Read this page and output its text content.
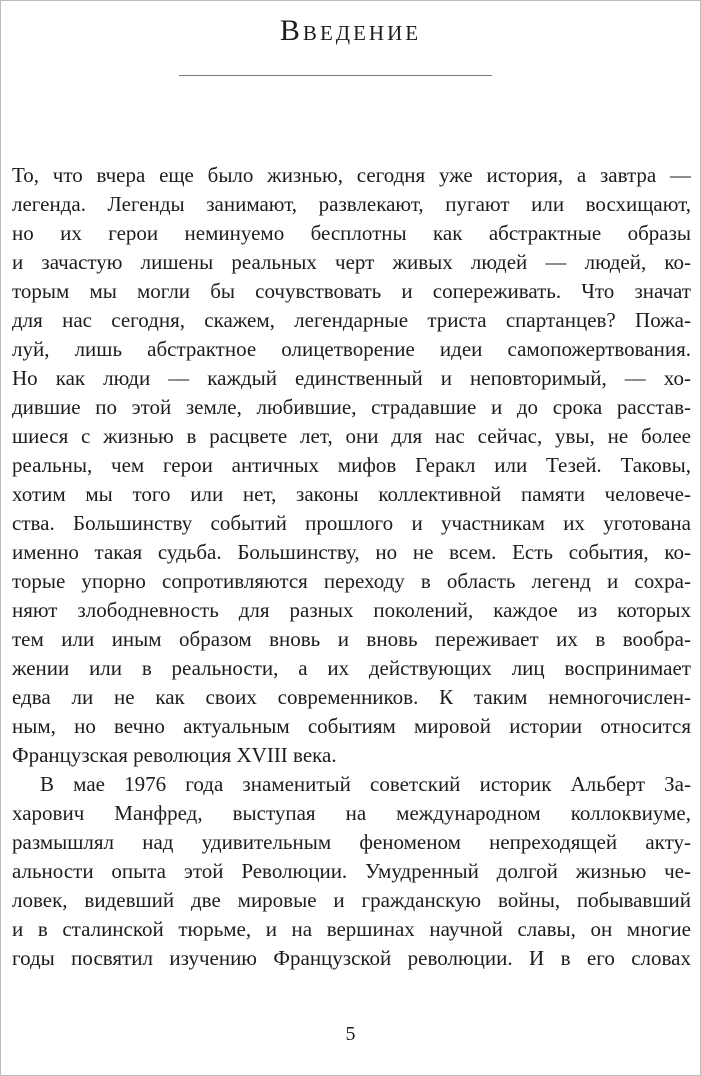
Введение
То, что вчера еще было жизнью, сегодня уже история, а завтра —
легенда. Легенды занимают, развлекают, пугают или восхищают,
но их герои неминуемо бесплотны как абстрактные образы
и зачастую лишены реальных черт живых людей — людей, ко-
торым мы могли бы сочувствовать и сопереживать. Что значат
для нас сегодня, скажем, легендарные триста спартанцев? Пожа-
луй, лишь абстрактное олицетворение идеи самопожертвования.
Но как люди — каждый единственный и неповторимый, — хо-
дившие по этой земле, любившие, страдавшие и до срока расстав-
шиеся с жизнью в расцвете лет, они для нас сейчас, увы, не более
реальны, чем герои античных мифов Геракл или Тезей. Таковы,
хотим мы того или нет, законы коллективной памяти человече-
ства. Большинству событий прошлого и участникам их уготована
именно такая судьба. Большинству, но не всем. Есть события, ко-
торые упорно сопротивляются переходу в область легенд и сохра-
няют злободневность для разных поколений, каждое из которых
тем или иным образом вновь и вновь переживает их в вообра-
жении или в реальности, а их действующих лиц воспринимает
едва ли не как своих современников. К таким немногочислен-
ным, но вечно актуальным событиям мировой истории относится
Французская революция XVIII века.
В мае 1976 года знаменитый советский историк Альберт За-
харович Манфред, выступая на международном коллоквиуме,
размышлял над удивительным феноменом непреходящей акту-
альности опыта этой Революции. Умудренный долгой жизнью че-
ловек, видевший две мировые и гражданскую войны, побывавший
и в сталинской тюрьме, и на вершинах научной славы, он многие
годы посвятил изучению Французской революции. И в его словах
5
